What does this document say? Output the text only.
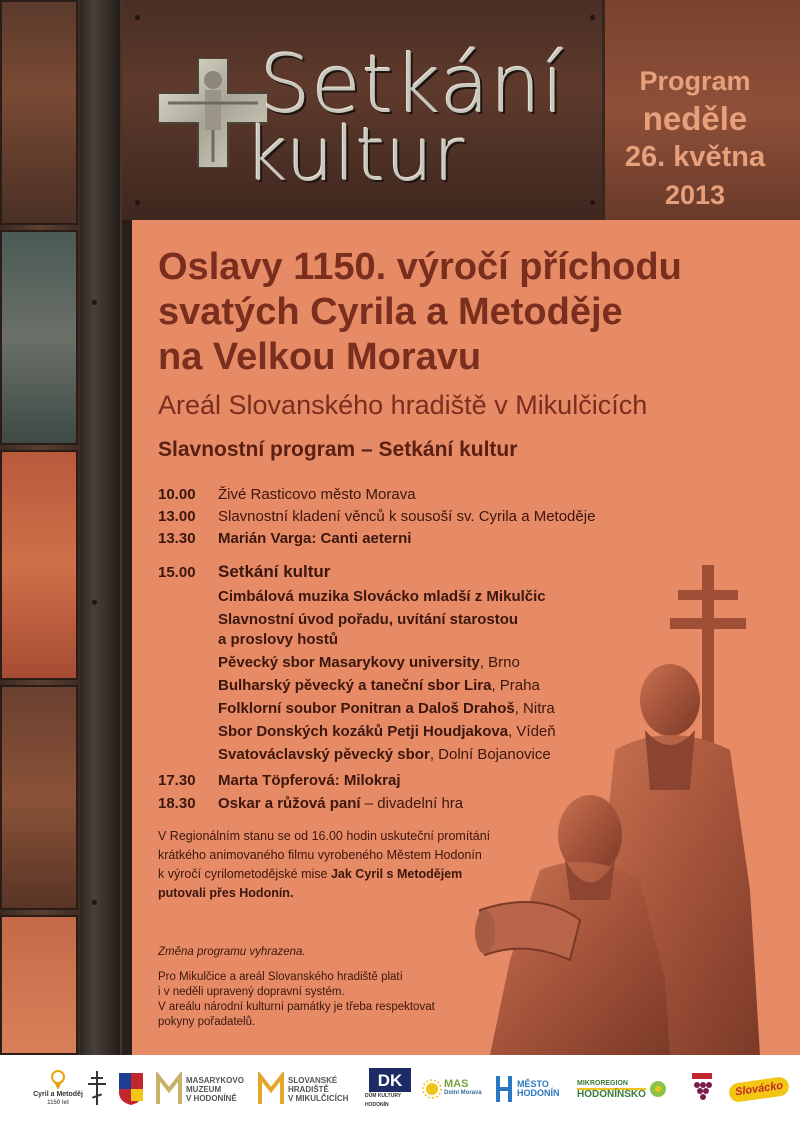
Setkání
kultur
Program
neděle
26. května
2013
Oslavy 1150. výročí příchodu
svatých Cyrila a Metoděje
na Velkou Moravu
Areál Slovanského hradiště v Mikulčicích
Slavnostní program – Setkání kultur
10.00 Živé Rasticovo město Morava
13.00 Slavnostní kladení věnců k sousoší sv. Cyrila a Metoděje
13.30 Marián Varga: Canti aeterni
15.00 Setkání kultur
Cimbálová muzika Slovácko mladší z Mikulčic
Slavnostní úvod pořadu, uvítání starostou
a proslovy hostů
Pěvecký sbor Masarykovy university, Brno
Bulharský pěvecký a taneční sbor Lira, Praha
Folklorní soubor Ponitran a Daloš Drahoš, Nitra
Sbor Donských kozáků Petji Houdjakova, Vídeň
Svatováclavský pěvecký sbor, Dolní Bojanovice
17.30 Marta Töpferová: Milokraj
18.30 Oskar a růžová paní – divadelní hra
V Regionálním stanu se od 16.00 hodin uskuteční promítání
krátkého animovaného filmu vyrobeného Městem Hodonín
k výročí cyrilometodějské mise Jak Cyril s Metodějem
putovali přes Hodonín.
Změna programu vyhrazena.
Pro Mikulčice a areál Slovanského hradiště platí
i v neděli upravený dopravní systém.
V areálu národní kulturní památky je třeba respektovat
pokyny pořadatelů.
Cyril a Metoděj
1150 let
MASARYKOVO
MUZEUM
V HODONÍNĚ
SLOVANSKÉ
HRADIŠTĚ
V MIKULČICÍCH
DK
DŮM KULTURY HODONÍN
MAS
Dolní Morava
MĚSTO
HODONÍN
MIKROREGION
HODONÍNSKO	Slovácko
